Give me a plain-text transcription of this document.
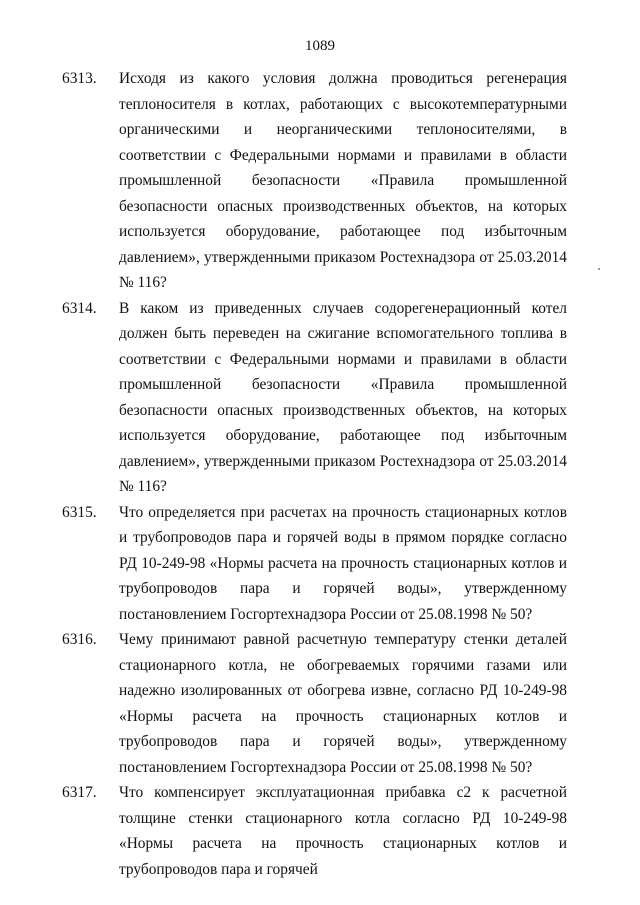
1089
6313.	Исходя из какого условия должна проводиться регенерация теплоносителя в котлах, работающих с высокотемпературными органическими и неорганическими теплоносителями, в соответствии с Федеральными нормами и правилами в области промышленной безопасности «Правила промышленной безопасности опасных производственных объектов, на которых используется оборудование, работающее под избыточным давлением», утвержденными приказом Ростехнадзора от 25.03.2014 № 116?
6314.	В каком из приведенных случаев содорегенерационный котел должен быть переведен на сжигание вспомогательного топлива в соответствии с Федеральными нормами и правилами в области промышленной безопасности «Правила промышленной безопасности опасных производственных объектов, на которых используется оборудование, работающее под избыточным давлением», утвержденными приказом Ростехнадзора от 25.03.2014 № 116?
6315.	Что определяется при расчетах на прочность стационарных котлов и трубопроводов пара и горячей воды в прямом порядке согласно РД 10-249-98 «Нормы расчета на прочность стационарных котлов и трубопроводов пара и горячей воды», утвержденному постановлением Госгортехнадзора России от 25.08.1998 № 50?
6316.	Чему принимают равной расчетную температуру стенки деталей стационарного котла, не обогреваемых горячими газами или надежно изолированных от обогрева извне, согласно РД 10-249-98 «Нормы расчета на прочность стационарных котлов и трубопроводов пара и горячей воды», утвержденному постановлением Госгортехнадзора России от 25.08.1998 № 50?
6317.	Что компенсирует эксплуатационная прибавка с2 к расчетной толщине стенки стационарного котла согласно РД 10-249-98 «Нормы расчета на прочность стационарных котлов и трубопроводов пара и горячей
